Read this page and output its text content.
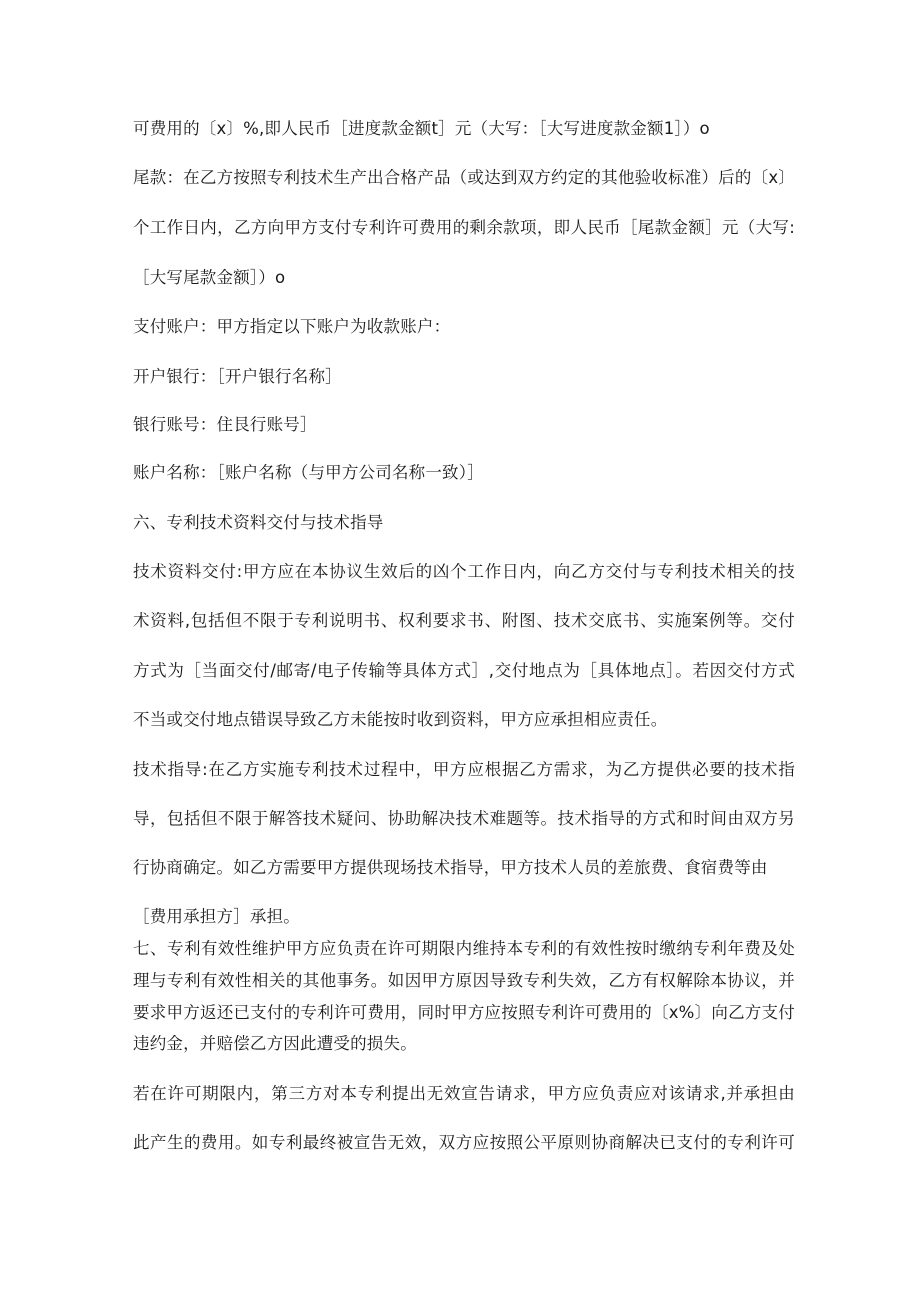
可费用的〔x〕%,即人民币［进度款金额t］元（大写：［大写进度款金额1］）o
尾款：在乙方按照专利技术生产出合格产品（或达到双方约定的其他验收标准）后的〔x〕
个工作日内，乙方向甲方支付专利许可费用的剩余款项，即人民币［尾款金额］元（大写:
［大写尾款金额］）o
支付账户：甲方指定以下账户为收款账户：
开户银行：［开户银行名称］
银行账号：住艮行账号］
账户名称：［账户名称（与甲方公司名称一致）］
六、专利技术资料交付与技术指导
技术资料交付:甲方应在本协议生效后的凶个工作日内，向乙方交付与专利技术相关的技
术资料,包括但不限于专利说明书、权利要求书、附图、技术交底书、实施案例等。交付
方式为［当面交付/邮寄/电子传输等具体方式］,交付地点为［具体地点］。若因交付方式
不当或交付地点错误导致乙方未能按时收到资料，甲方应承担相应责任。
技术指导:在乙方实施专利技术过程中，甲方应根据乙方需求，为乙方提供必要的技术指
导，包括但不限于解答技术疑问、协助解决技术难题等。技术指导的方式和时间由双方另
行协商确定。如乙方需要甲方提供现场技术指导，甲方技术人员的差旅费、食宿费等由
［费用承担方］承担。
七、专利有效性维护甲方应负责在许可期限内维持本专利的有效性按时缴纳专利年费及处
理与专利有效性相关的其他事务。如因甲方原因导致专利失效，乙方有权解除本协议，并
要求甲方返还已支付的专利许可费用，同时甲方应按照专利许可费用的〔x%〕向乙方支付
违约金，并赔偿乙方因此遭受的损失。
若在许可期限内，第三方对本专利提出无效宣告请求，甲方应负责应对该请求,并承担由
此产生的费用。如专利最终被宣告无效，双方应按照公平原则协商解决已支付的专利许可
